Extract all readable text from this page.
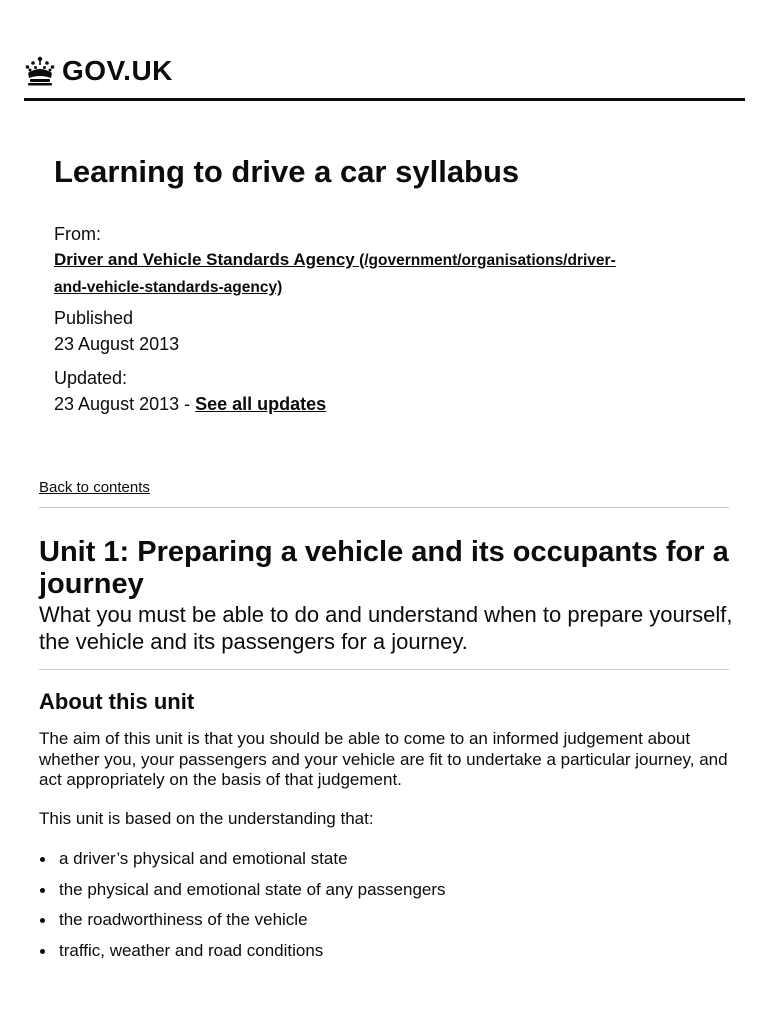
GOV.UK
Learning to drive a car syllabus
From:
Driver and Vehicle Standards Agency (/government/organisations/driver-
and-vehicle-standards-agency)
Published
23 August 2013
Updated:
23 August 2013 - See all updates
Back to contents
Unit 1: Preparing a vehicle and its occupants for a journey

What you must be able to do and understand when to prepare yourself, the vehicle and its passengers for a journey.

About this unit

The aim of this unit is that you should be able to come to an informed judgement about whether you, your passengers and your vehicle are fit to undertake a particular journey, and act appropriately on the basis of that judgement.

This unit is based on the understanding that:

a driver’s physical and emotional state
the physical and emotional state of any passengers
the roadworthiness of the vehicle
traffic, weather and road conditions
